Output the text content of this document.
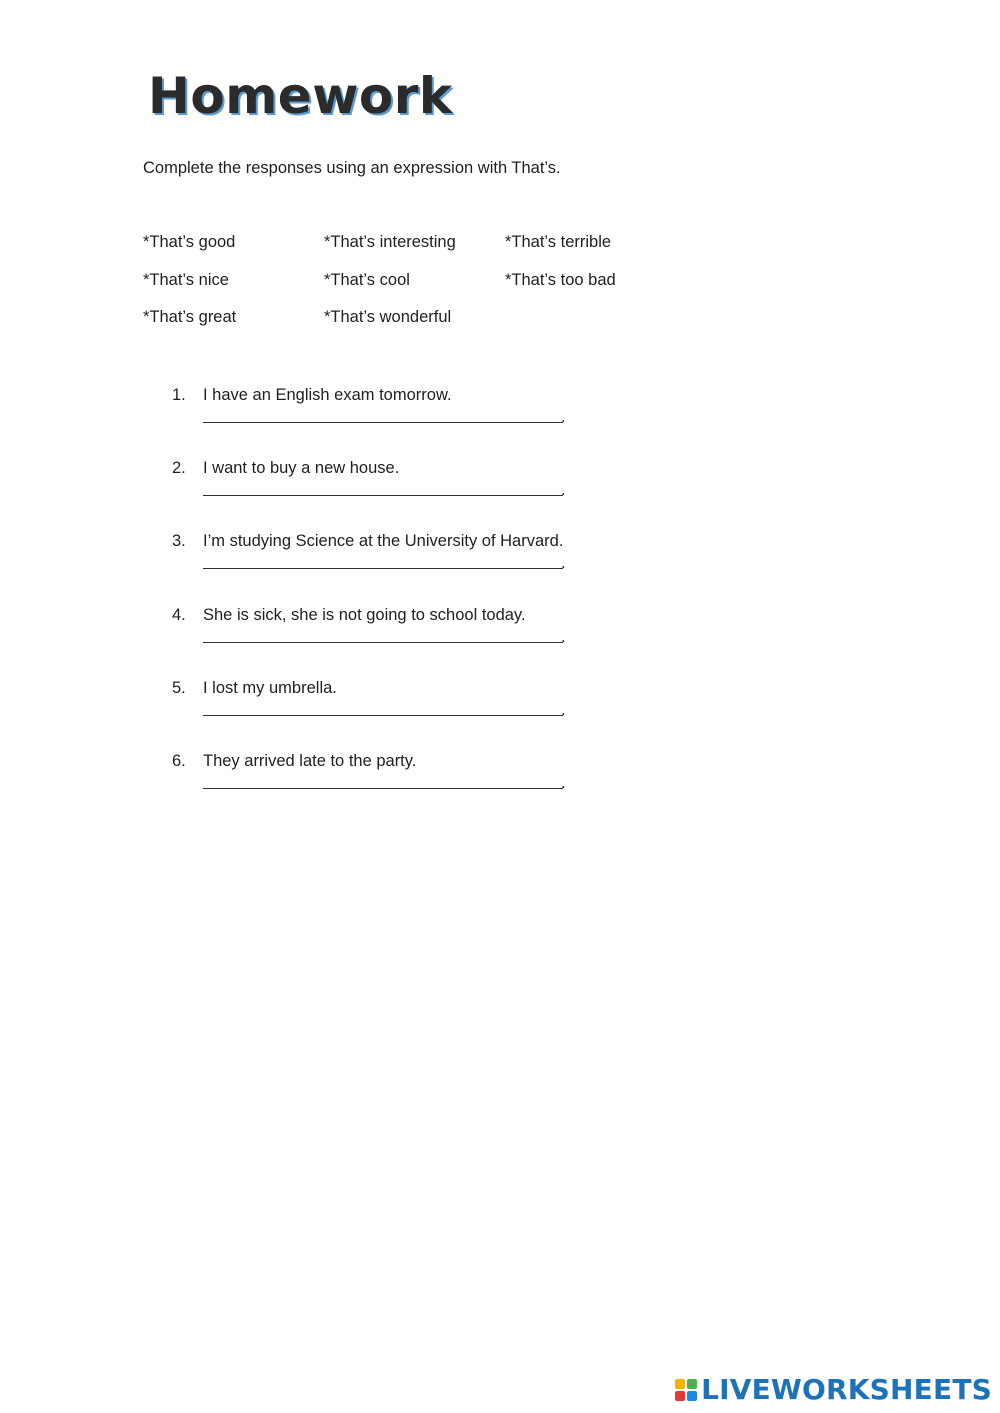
Homework

Complete the responses using an expression with That’s.

*That’s good	*That’s interesting	*That’s terrible
*That’s nice	*That’s cool	*That’s too bad
*That’s great	*That’s wonderful
1. I have an English exam tomorrow.
.
2. I want to buy a new house.
.
3. I’m studying Science at the University of Harvard.
.
4. She is sick, she is not going to school today.
.
5. I lost my umbrella.
.
6. They arrived late to the party.
.
LIVEWORKSHEETS
